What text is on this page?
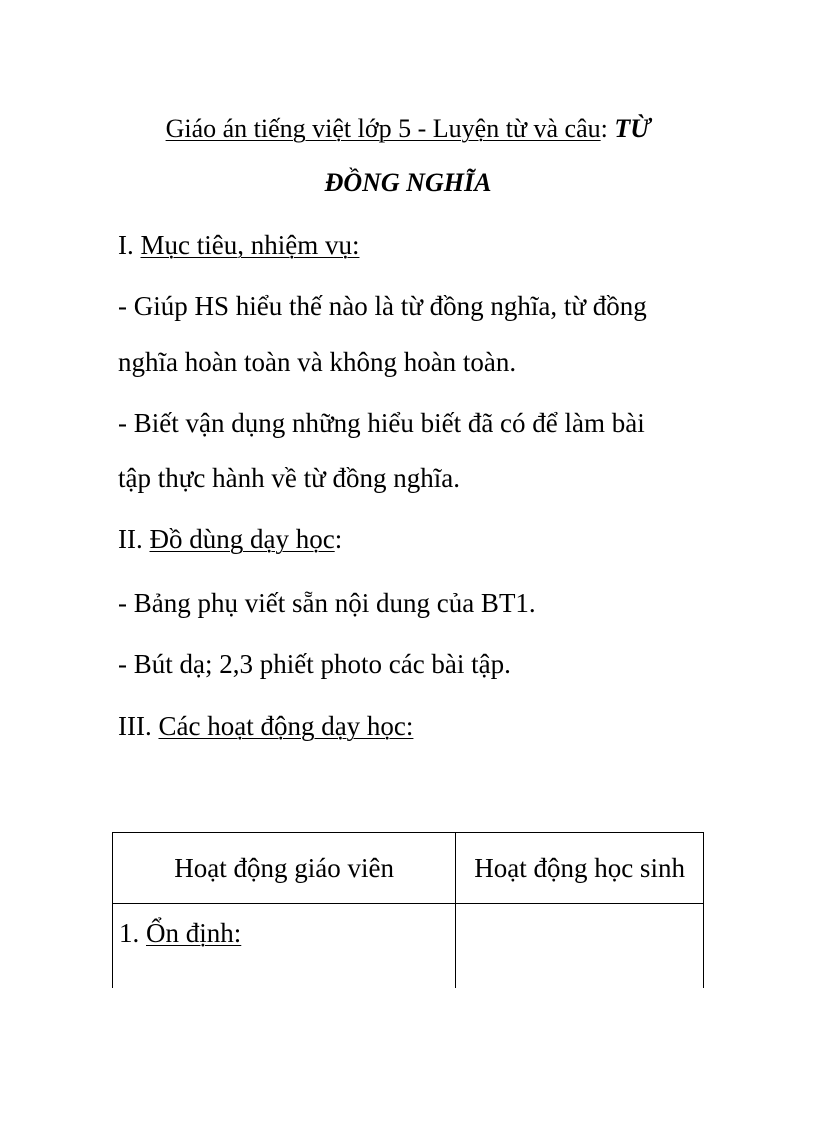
Giáo án tiếng việt lớp 5 - Luyện từ và câu: TỪ
ĐỒNG NGHĨA
I. Mục tiêu, nhiệm vụ:
- Giúp HS hiểu thế nào là từ đồng nghĩa, từ đồng
nghĩa hoàn toàn và không hoàn toàn.
- Biết vận dụng những hiểu biết đã có để làm bài
tập thực hành về từ đồng nghĩa.
II. Đồ dùng dạy học:
- Bảng phụ viết sẵn nội dung của BT1.
- Bút dạ; 2,3 phiết photo các bài tập.
III. Các hoạt động dạy học:
Hoạt động giáo viên	Hoạt động học sinh
1. Ổn định:	
